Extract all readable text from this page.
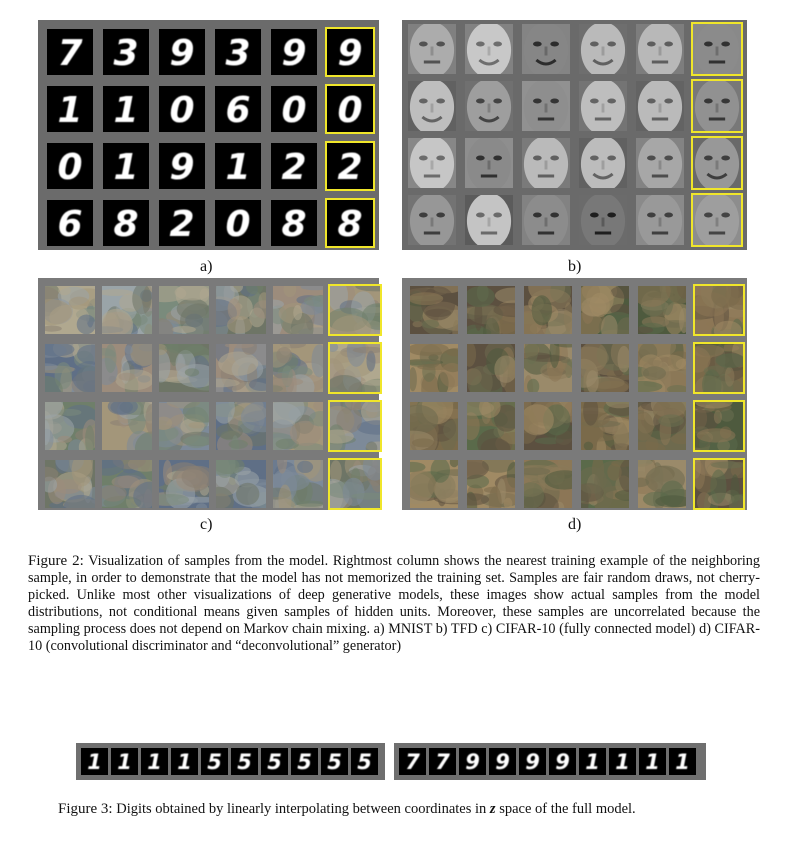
7 3 9 3 9 9
1 1 0 6 0 0
0 1 9 1 2 2
6 8 2 0 8 8
a)	b)
c)	d)
Figure 2: Visualization of samples from the model. Rightmost column shows the nearest training example of the neighboring sample, in order to demonstrate that the model has not memorized the training set. Samples are fair random draws, not cherry-picked. Unlike most other visualizations of deep generative models, these images show actual samples from the model distributions, not conditional means given samples of hidden units. Moreover, these samples are uncorrelated because the sampling process does not depend on Markov chain mixing. a) MNIST b) TFD c) CIFAR-10 (fully connected model) d) CIFAR-10 (convolutional discriminator and “deconvolutional” generator)
1 1 1 1 5 5 5 5 5 5 7 7 9 9 9 9 1 1 1 1
Figure 3: Digits obtained by linearly interpolating between coordinates in z space of the full model.
